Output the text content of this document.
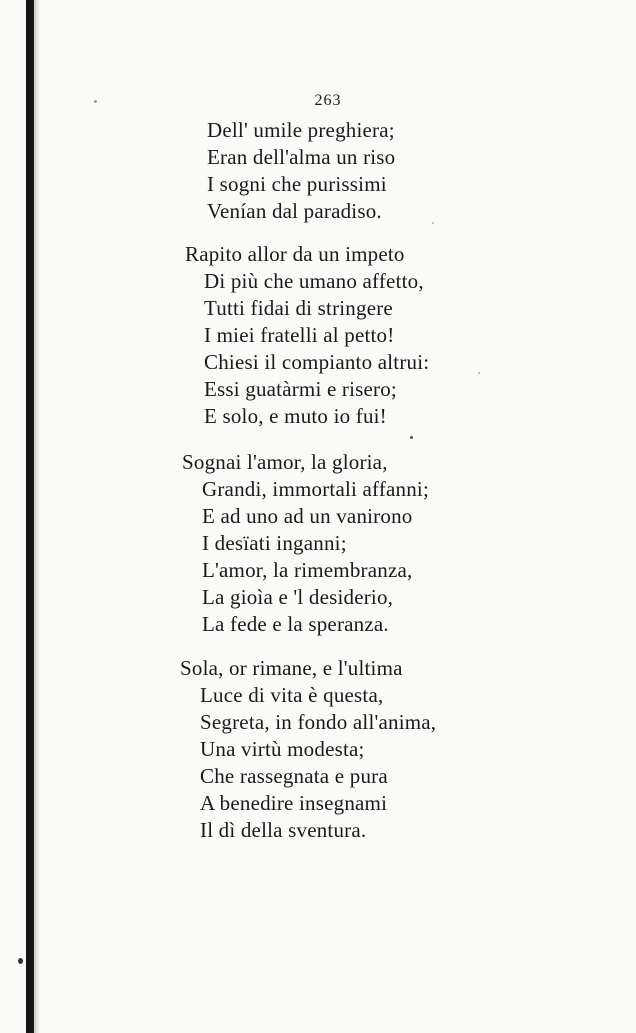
263
Dell' umile preghiera;
Eran dell'alma un riso
I sogni che purissimi
Venían dal paradiso.
Rapito allor da un impeto
Di più che umano affetto,
Tutti fidai di stringere
I miei fratelli al petto!
Chiesi il compianto altrui:
Essi guatàrmi e risero;
E solo, e muto io fui!
Sognai l'amor, la gloria,
Grandi, immortali affanni;
E ad uno ad un vanirono
I desïati inganni;
L'amor, la rimembranza,
La gioìa e 'l desiderio,
La fede e la speranza.
Sola, or rimane, e l'ultima
Luce di vita è questa,
Segreta, in fondo all'anima,
Una virtù modesta;
Che rassegnata e pura
A benedire insegnami
Il dì della sventura.
